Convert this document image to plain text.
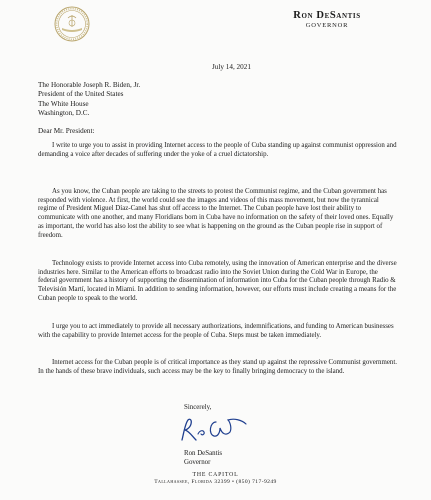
Ron DeSantis
GOVERNOR
July 14, 2021
The Honorable Joseph R. Biden, Jr.
President of the United States
The White House
Washington, D.C.
Dear Mr. President:

I write to urge you to assist in providing Internet access to the people of Cuba standing up against communist oppression and demanding a voice after decades of suffering under the yoke of a cruel dictatorship.

As you know, the Cuban people are taking to the streets to protest the Communist regime, and the Cuban government has responded with violence. At first, the world could see the images and videos of this mass movement, but now the tyrannical regime of President Miguel Díaz-Canel has shut off access to the Internet. The Cuban people have lost their ability to communicate with one another, and many Floridians born in Cuba have no information on the safety of their loved ones. Equally as important, the world has also lost the ability to see what is happening on the ground as the Cuban people rise in support of freedom.

Technology exists to provide Internet access into Cuba remotely, using the innovation of American enterprise and the diverse industries here. Similar to the American efforts to broadcast radio into the Soviet Union during the Cold War in Europe, the federal government has a history of supporting the dissemination of information into Cuba for the Cuban people through Radio & Televisión Martí, located in Miami. In addition to sending information, however, our efforts must include creating a means for the Cuban people to speak to the world.

I urge you to act immediately to provide all necessary authorizations, indemnifications, and funding to American businesses with the capability to provide Internet access for the people of Cuba. Steps must be taken immediately.

Internet access for the Cuban people is of critical importance as they stand up against the repressive Communist government. In the hands of these brave individuals, such access may be the key to finally bringing democracy to the island.

Sincerely,
Ron DeSantis
Governor
THE CAPITOL
Tallahassee, Florida 32399 • (850) 717-9249
